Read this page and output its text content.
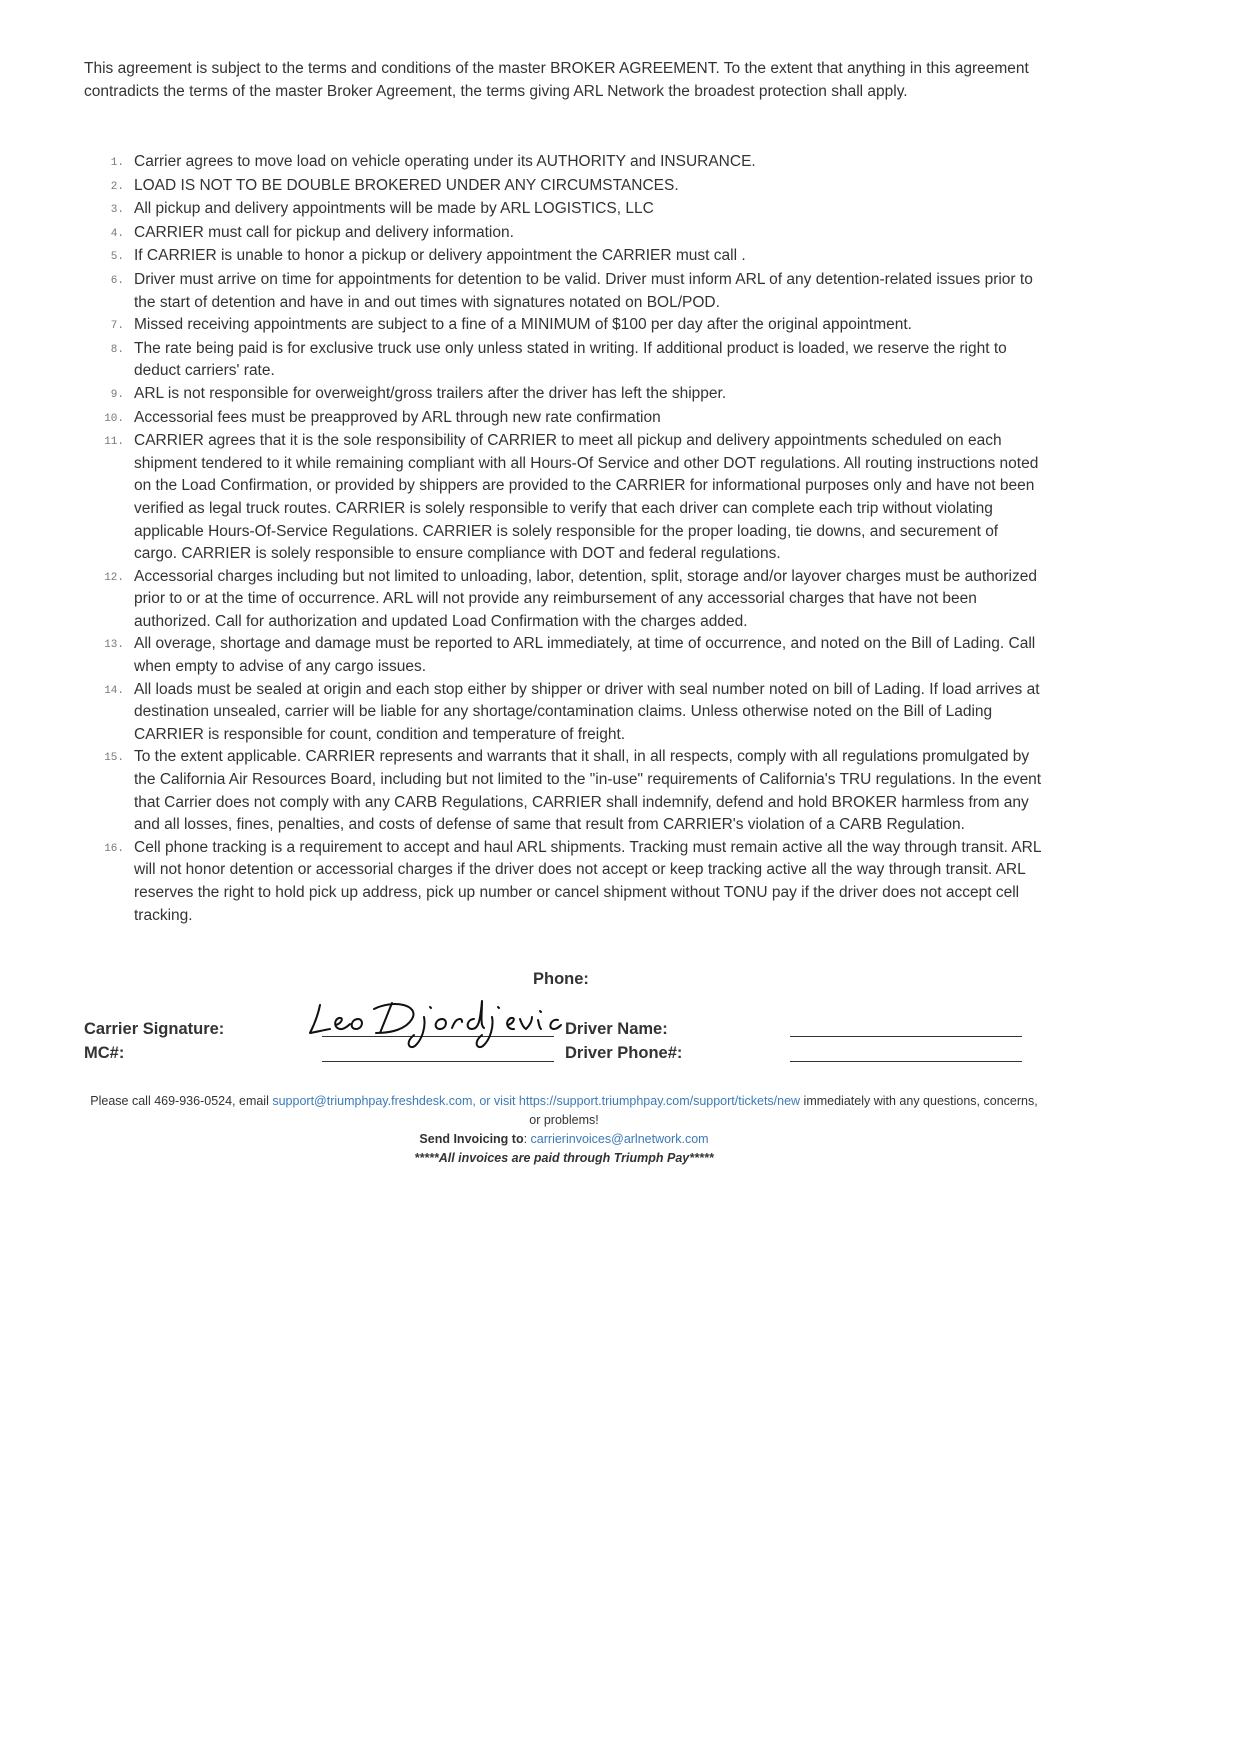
This agreement is subject to the terms and conditions of the master BROKER AGREEMENT. To the extent that anything in this agreement contradicts the terms of the master Broker Agreement, the terms giving ARL Network the broadest protection shall apply.

1. Carrier agrees to move load on vehicle operating under its AUTHORITY and INSURANCE.
2. LOAD IS NOT TO BE DOUBLE BROKERED UNDER ANY CIRCUMSTANCES.
3. All pickup and delivery appointments will be made by ARL LOGISTICS, LLC
4. CARRIER must call for pickup and delivery information.
5. If CARRIER is unable to honor a pickup or delivery appointment the CARRIER must call .
6. Driver must arrive on time for appointments for detention to be valid. Driver must inform ARL of any detention-related issues prior to the start of detention and have in and out times with signatures notated on BOL/POD.
7. Missed receiving appointments are subject to a fine of a MINIMUM of $100 per day after the original appointment.
8. The rate being paid is for exclusive truck use only unless stated in writing. If additional product is loaded, we reserve the right to deduct carriers' rate.
9. ARL is not responsible for overweight/gross trailers after the driver has left the shipper.
10. Accessorial fees must be preapproved by ARL through new rate confirmation
11. CARRIER agrees that it is the sole responsibility of CARRIER to meet all pickup and delivery appointments scheduled on each shipment tendered to it while remaining compliant with all Hours-Of Service and other DOT regulations. All routing instructions noted on the Load Confirmation, or provided by shippers are provided to the CARRIER for informational purposes only and have not been verified as legal truck routes. CARRIER is solely responsible to verify that each driver can complete each trip without violating applicable Hours-Of-Service Regulations. CARRIER is solely responsible for the proper loading, tie downs, and securement of cargo. CARRIER is solely responsible to ensure compliance with DOT and federal regulations.
12. Accessorial charges including but not limited to unloading, labor, detention, split, storage and/or layover charges must be authorized prior to or at the time of occurrence. ARL will not provide any reimbursement of any accessorial charges that have not been authorized. Call for authorization and updated Load Confirmation with the charges added.
13. All overage, shortage and damage must be reported to ARL immediately, at time of occurrence, and noted on the Bill of Lading. Call when empty to advise of any cargo issues.
14. All loads must be sealed at origin and each stop either by shipper or driver with seal number noted on bill of Lading. If load arrives at destination unsealed, carrier will be liable for any shortage/contamination claims. Unless otherwise noted on the Bill of Lading CARRIER is responsible for count, condition and temperature of freight.
15. To the extent applicable. CARRIER represents and warrants that it shall, in all respects, comply with all regulations promulgated by the California Air Resources Board, including but not limited to the "in-use" requirements of California's TRU regulations. In the event that Carrier does not comply with any CARB Regulations, CARRIER shall indemnify, defend and hold BROKER harmless from any and all losses, fines, penalties, and costs of defense of same that result from CARRIER's violation of a CARB Regulation.
16. Cell phone tracking is a requirement to accept and haul ARL shipments. Tracking must remain active all the way through transit. ARL will not honor detention or accessorial charges if the driver does not accept or keep tracking active all the way through transit. ARL reserves the right to hold pick up address, pick up number or cancel shipment without TONU pay if the driver does not accept cell tracking.

Phone:

Carrier Signature:
MC#:
Driver Name:
Driver Phone#:
Please call 469-936-0524, email support@triumphpay.freshdesk.com, or visit https://support.triumphpay.com/support/tickets/new immediately with any questions, concerns, or problems!
Send Invoicing to: carrierinvoices@arlnetwork.com
*****All invoices are paid through Triumph Pay*****
